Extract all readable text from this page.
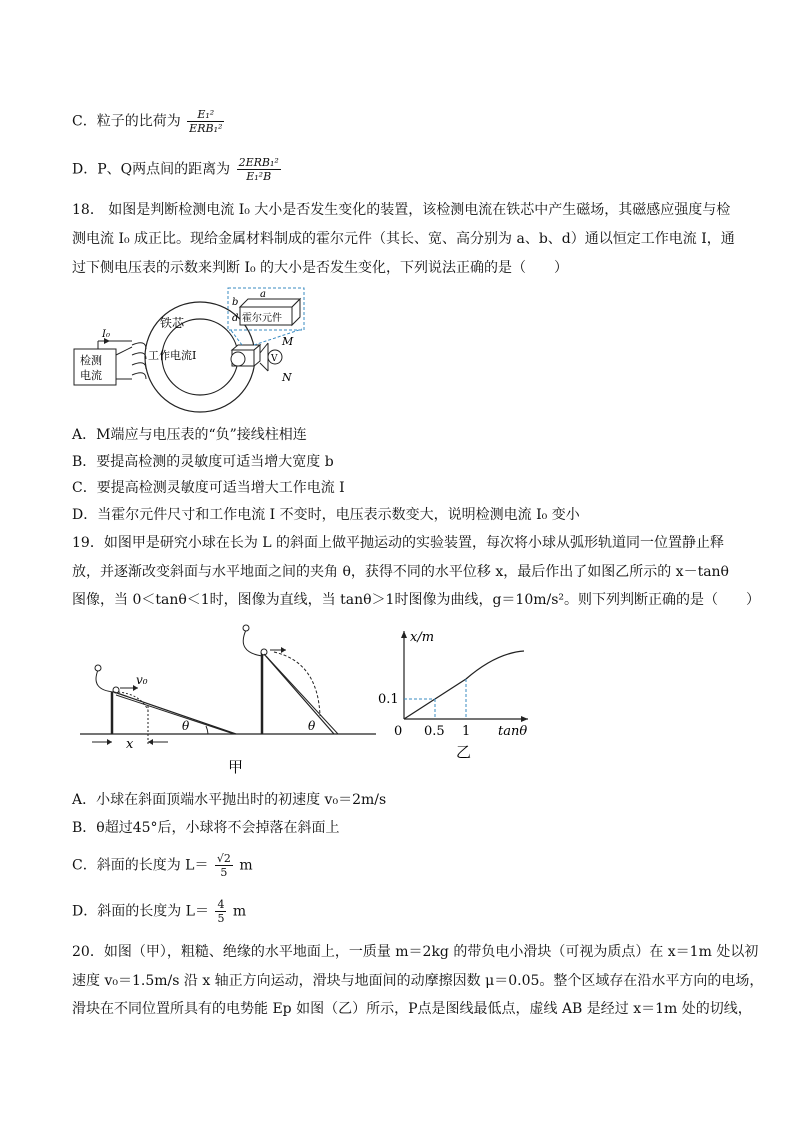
C．粒子的比荷为 $\frac{\text{E₁²}}{\text{ERB₁²}}$
D．P、Q两点间的距离为 $\frac{\text{2ERB₁²}}{\text{E₁²B}}$
18． 如图是判断检测电流 I₀ 大小是否发生变化的装置，该检测电流在铁芯中产生磁场，其磁感应强度与检
测电流 I₀ 成正比。现给金属材料制成的霍尔元件（其长、宽、高分别为 a、b、d）通以恒定工作电流 I，通
过下侧电压表的示数来判断 I₀ 的大小是否发生变化，下列说法正确的是（　　）
检测
电流
I₀
铁芯
工作电流I	V
M
N
霍尔元件
a
b
d
A．M端应与电压表的“负”接线柱相连
B．要提高检测的灵敏度可适当增大宽度 b
C．要提高检测灵敏度可适当增大工作电流 I
D．当霍尔元件尺寸和工作电流 I 不变时，电压表示数变大，说明检测电流 I₀ 变小
19．如图甲是研究小球在长为 L 的斜面上做平抛运动的实验装置，每次将小球从弧形轨道同一位置静止释
放，并逐渐改变斜面与水平地面之间的夹角 θ，获得不同的水平位移 x，最后作出了如图乙所示的 x－tanθ
图像，当 0＜tanθ＜1时，图像为直线，当 tanθ＞1时图像为曲线，g＝10m/s²。则下列判断正确的是（　　）
v₀
θ
x
θ
甲
x/m
tanθ
0.1
0 0.5 1
乙
A．小球在斜面顶端水平抛出时的初速度 v₀＝2m/s
B．θ超过45°后，小球将不会掉落在斜面上
C．斜面的长度为 $L= \frac{√2}{5}$ m
D．斜面的长度为 $L= \frac{4}{5}$ m
20．如图（甲），粗糙、绝缘的水平地面上，一质量 m＝2kg 的带负电小滑块（可视为质点）在 x＝1m 处以初
速度 v₀＝1.5m/s 沿 x 轴正方向运动，滑块与地面间的动摩擦因数 μ＝0.05。整个区域存在沿水平方向的电场，
滑块在不同位置所具有的电势能 Ep 如图（乙）所示，P点是图线最低点，虚线 AB 是经过 x＝1m 处的切线，
